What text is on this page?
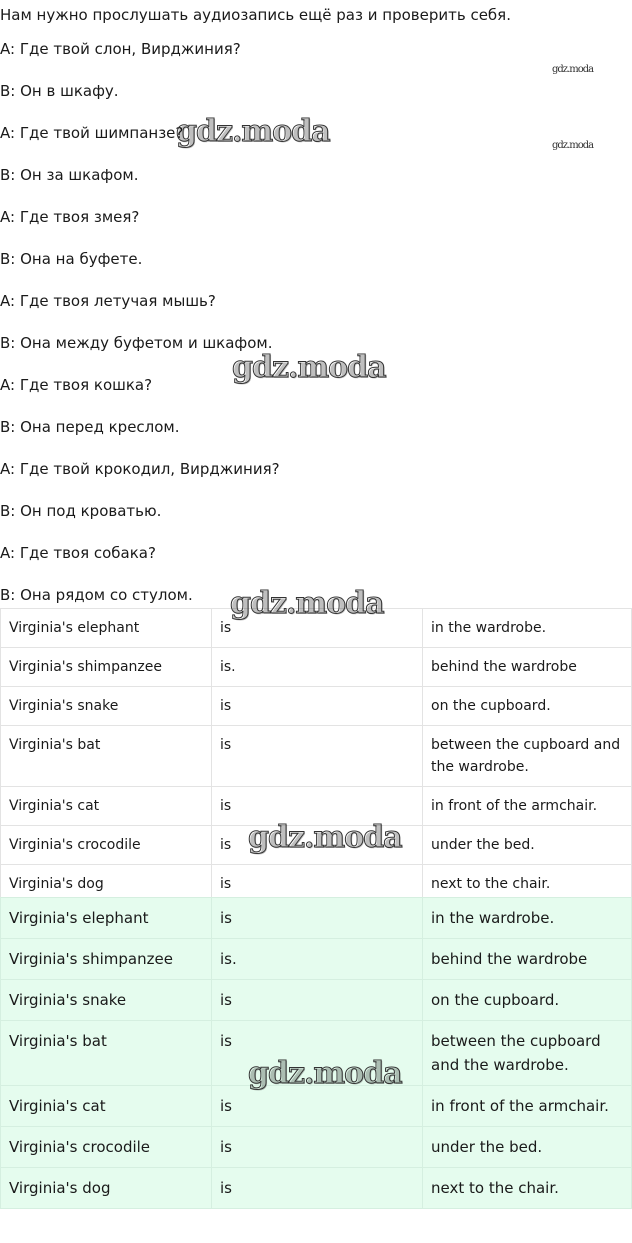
Нам нужно прослушать аудиозапись ещё раз и проверить себя.

A: Где твой слон, Вирджиния?

B: Он в шкафу.

A: Где твой шимпанзе?

B: Он за шкафом.

A: Где твоя змея?

B: Она на буфете.

A: Где твоя летучая мышь?

B: Она между буфетом и шкафом.

A: Где твоя кошка?

B: Она перед креслом.

A: Где твой крокодил, Вирджиния?

B: Он под кроватью.

A: Где твоя собака?

B: Она рядом со стулом.

Virginia's elephant	is	in the wardrobe.
Virginia's shimpanzee	is.	behind the wardrobe
Virginia's snake	is	on the cupboard.
Virginia's bat	is	between the cupboard and the wardrobe.
Virginia's cat	is	in front of the armchair.
Virginia's crocodile	is	under the bed.
Virginia's dog	is	next to the chair.
Virginia's elephant	is	in the wardrobe.
Virginia's shimpanzee	is.	behind the wardrobe
Virginia's snake	is	on the cupboard.
Virginia's bat	is	between the cupboard and the wardrobe.
Virginia's cat	is	in front of the armchair.
Virginia's crocodile	is	under the bed.
Virginia's dog	is	next to the chair.
gdz.moda
gdz.moda
gdz.moda
gdz.moda
gdz.moda
gdz.moda
gdz.moda
